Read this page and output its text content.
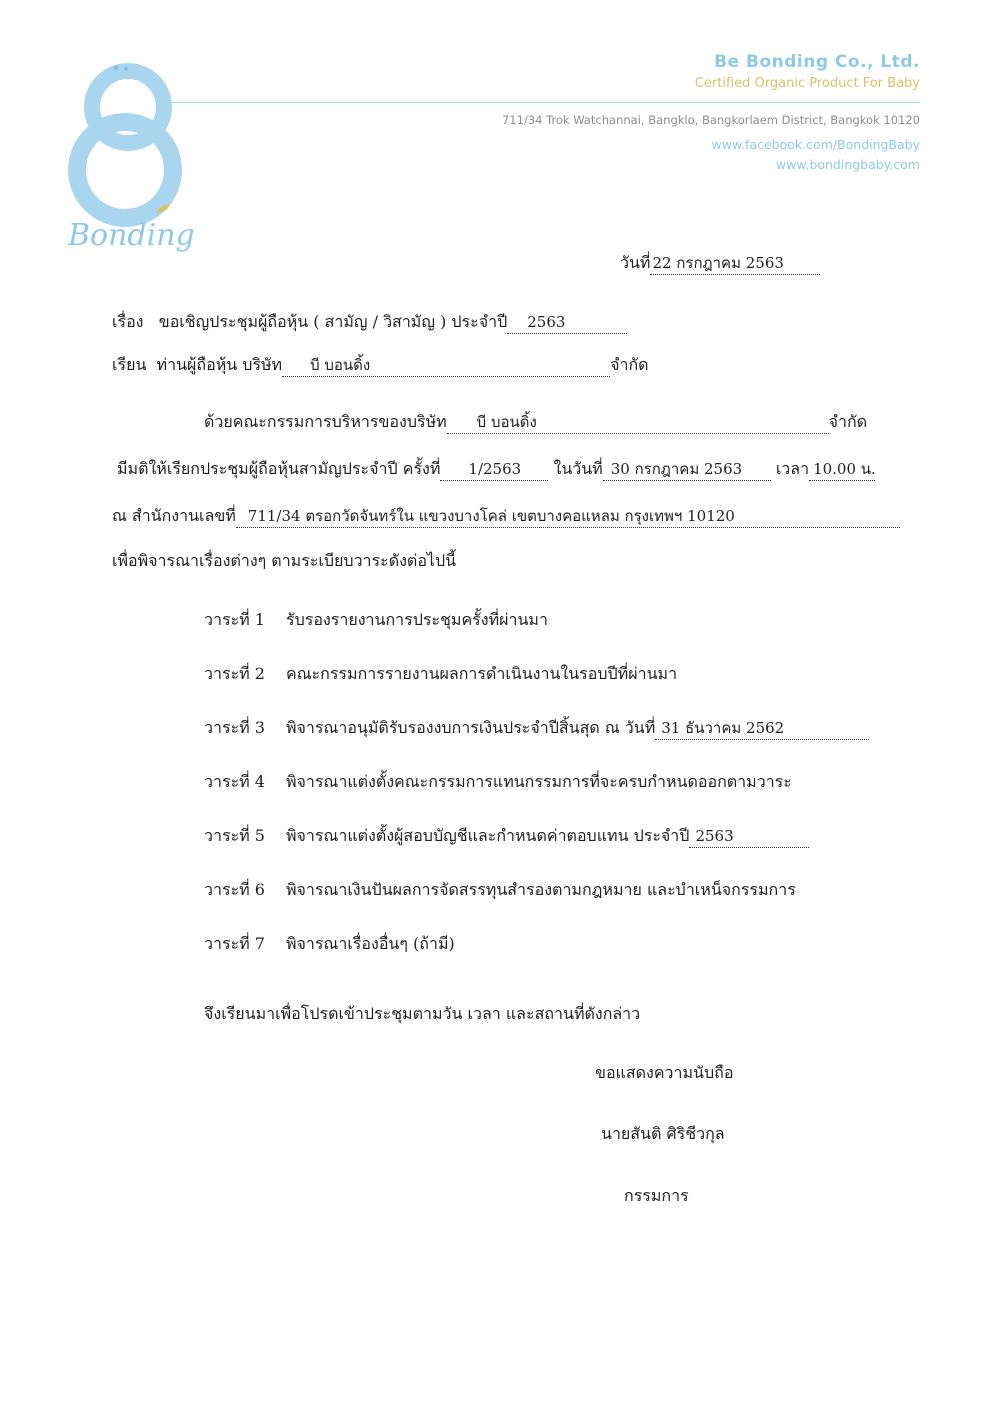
Bonding
Be Bonding Co., Ltd.
Certified Organic Product For Baby
711/34 Trok Watchannai, Bangklo, Bangkorlaem District, Bangkok 10120
www.facebook.com/BondingBaby
www.bondingbaby.com
วันที่ 22 กรกฎาคม 2563
เรื่อง ขอเชิญประชุมผู้ถือหุ้น ( สามัญ / วิสามัญ ) ประจำปี 2563
เรียน ท่านผู้ถือหุ้น บริษัท บี บอนดิ้ง	จำกัด
ด้วยคณะกรรมการบริหารของบริษัท บี บอนดิ้ง	จำกัด
มีมติให้เรียกประชุมผู้ถือหุ้นสามัญประจำปี ครั้งที่ 1/2563 ในวันที่ 30 กรกฎาคม 2563 เวลา 10.00 น.
ณ สำนักงานเลขที่ 711/34 ตรอกวัดจันทร์ใน แขวงบางโคล่ เขตบางคอแหลม กรุงเทพฯ 10120
เพื่อพิจารณาเรื่องต่างๆ ตามระเบียบวาระดังต่อไปนี้
วาระที่ 1 รับรองรายงานการประชุมครั้งที่ผ่านมา
วาระที่ 2 คณะกรรมการรายงานผลการดำเนินงานในรอบปีที่ผ่านมา
วาระที่ 3 พิจารณาอนุมัติรับรองงบการเงินประจำปีสิ้นสุด ณ วันที่ 31 ธันวาคม 2562
วาระที่ 4 พิจารณาแต่งตั้งคณะกรรมการแทนกรรมการที่จะครบกำหนดออกตามวาระ
วาระที่ 5 พิจารณาแต่งตั้งผู้สอบบัญชีและกำหนดค่าตอบแทน ประจำปี 2563
วาระที่ 6 พิจารณาเงินปันผลการจัดสรรทุนสำรองตามกฎหมาย และบำเหน็จกรรมการ
วาระที่ 7 พิจารณาเรื่องอื่นๆ (ถ้ามี)
จึงเรียนมาเพื่อโปรดเข้าประชุมตามวัน เวลา และสถานที่ดังกล่าว
ขอแสดงความนับถือ
นายสันติ ศิริชีวกุล
กรรมการ
